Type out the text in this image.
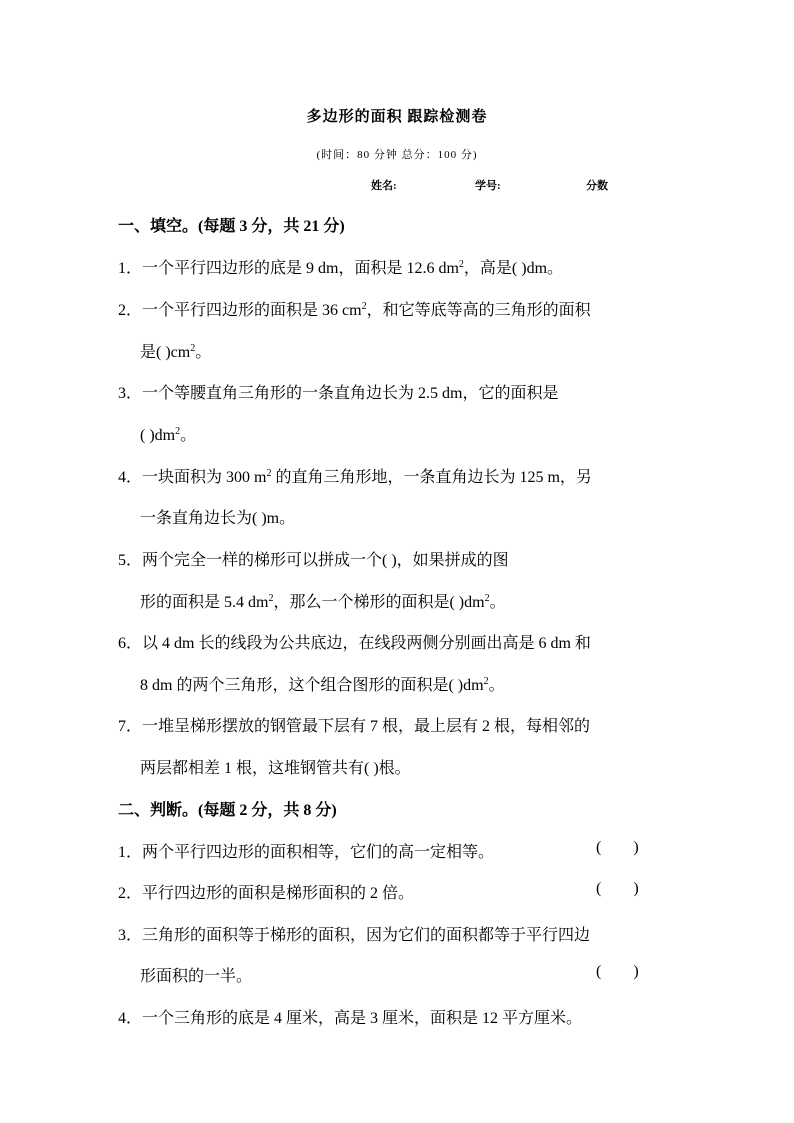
多边形的面积 跟踪检测卷
(时间：80 分钟 总分：100 分)
姓名:	学号:	分数
一、填空。(每题 3 分，共 21 分)
1．一个平行四边形的底是 9 dm，面积是 12.6 $dm^2$，高是( )dm。
2．一个平行四边形的面积是 36 $cm^2$，和它等底等高的三角形的面积
是( )$cm^2$。
3．一个等腰直角三角形的一条直角边长为 2.5 dm，它的面积是
( )$dm^2$。
4．一块面积为 300 $m^2$ 的直角三角形地，一条直角边长为 125 m，另
一条直角边长为( )m。
5．两个完全一样的梯形可以拼成一个( )，如果拼成的图
形的面积是 5.4 $dm^2$，那么一个梯形的面积是( )$dm^2$。
6．以 4 dm 长的线段为公共底边，在线段两侧分别画出高是 6 dm 和
8 dm 的两个三角形，这个组合图形的面积是( )$dm^2$。
7．一堆呈梯形摆放的钢管最下层有 7 根，最上层有 2 根，每相邻的
两层都相差 1 根，这堆钢管共有( )根。
二、判断。(每题 2 分，共 8 分)
1．两个平行四边形的面积相等，它们的高一定相等。	(        )
2．平行四边形的面积是梯形面积的 2 倍。	(        )
3．三角形的面积等于梯形的面积，因为它们的面积都等于平行四边
形面积的一半。	(        )
4．一个三角形的底是 4 厘米，高是 3 厘米，面积是 12 平方厘米。
